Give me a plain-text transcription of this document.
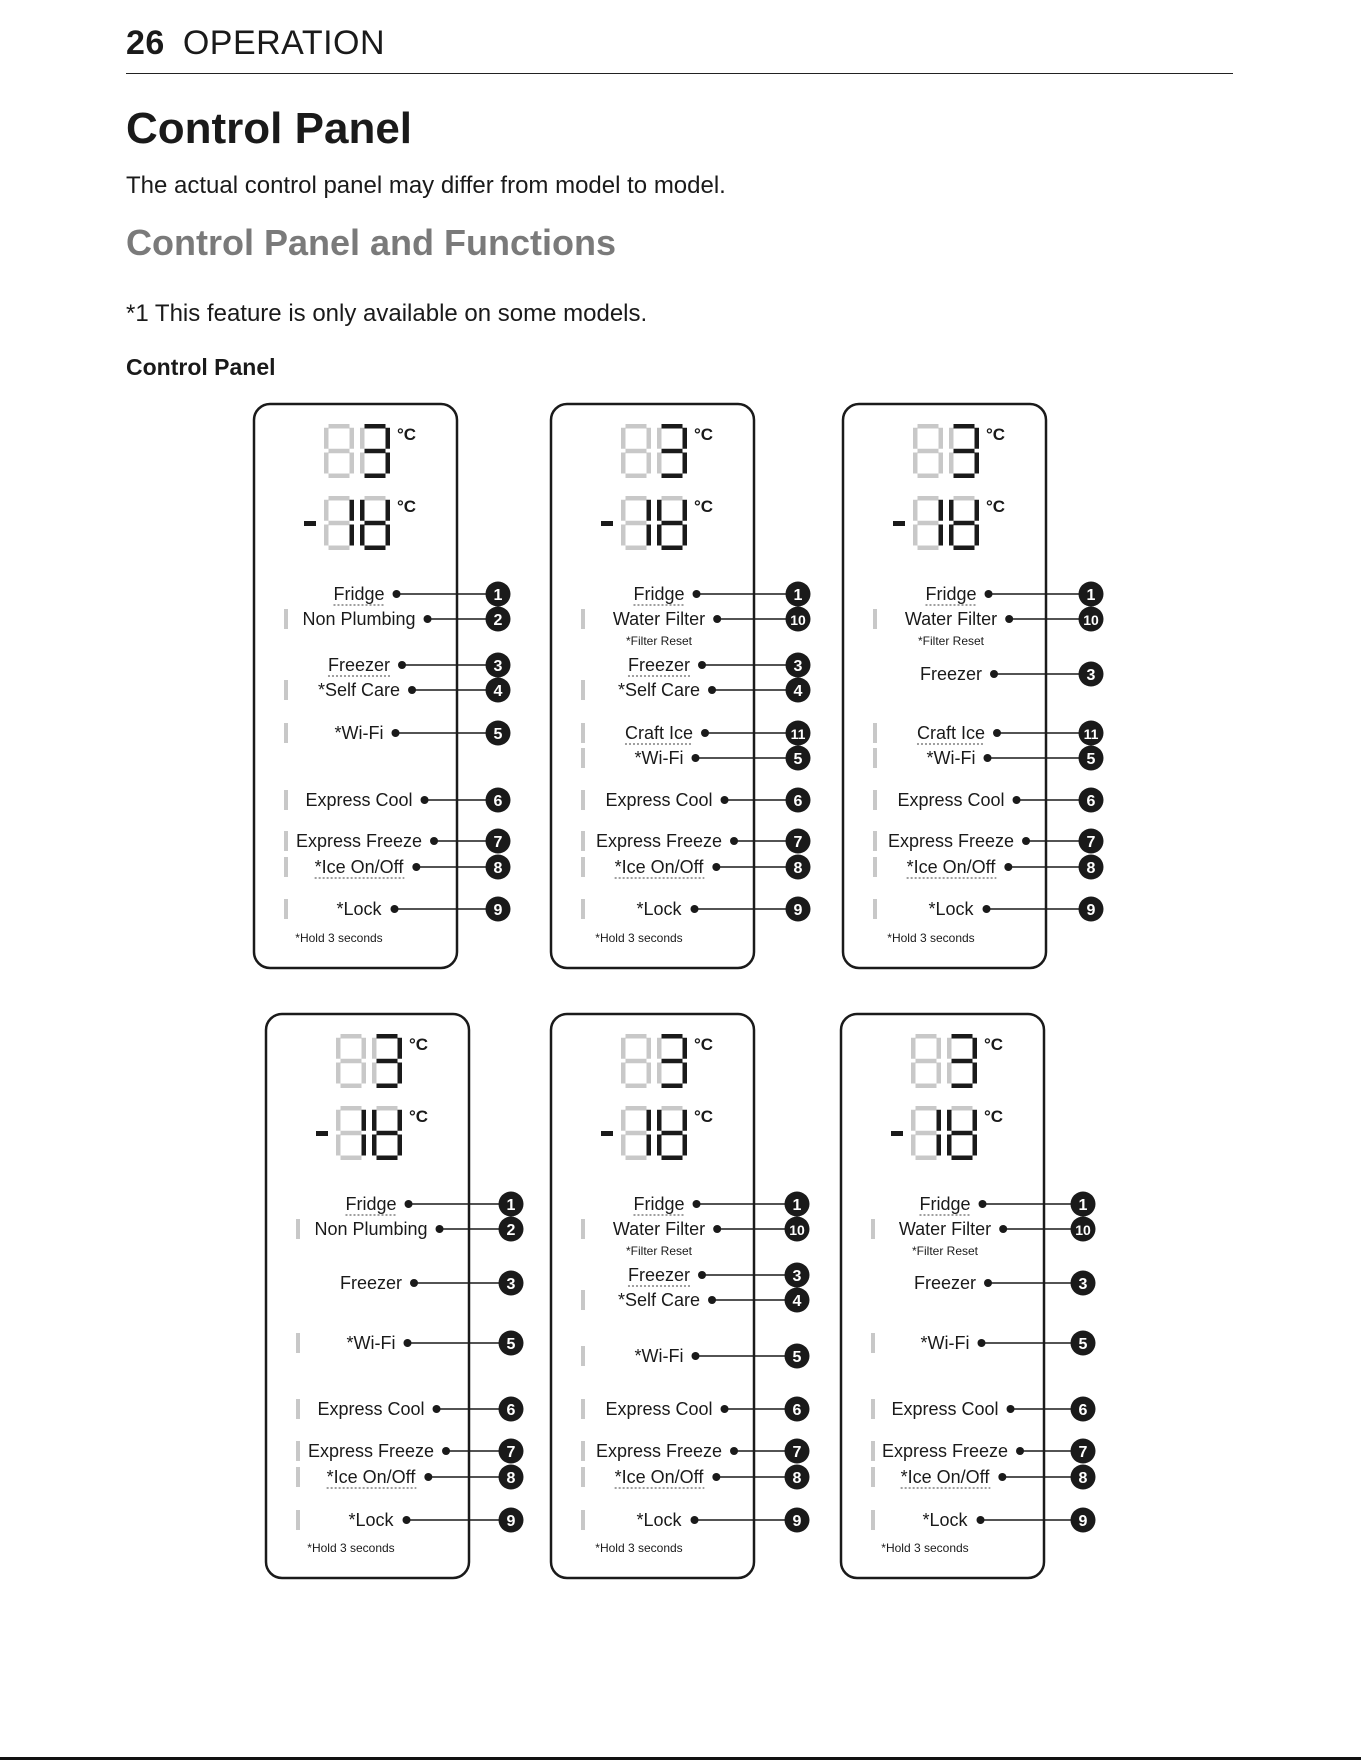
26 OPERATION
Control Panel

The actual control panel may differ from model to model.

Control Panel and Functions

*1 This feature is only available on some models.

Control Panel
°C
°C
Fridge	1
Non Plumbing	2
Freezer	3
*Self Care	4
*Wi-Fi	5
Express Cool	6
Express Freeze	7
*Ice On/Off	8
*Lock	9
*Hold 3 seconds
°C
°C
Fridge	1
Water Filter	10
*Filter Reset
Freezer	3
*Self Care	4
Craft Ice	11
*Wi-Fi	5
Express Cool	6
Express Freeze	7
*Ice On/Off	8
*Lock	9
*Hold 3 seconds
°C
°C
Fridge	1
Water Filter	10
*Filter Reset
Freezer	3
Craft Ice	11
*Wi-Fi	5
Express Cool	6
Express Freeze	7
*Ice On/Off	8
*Lock	9
*Hold 3 seconds
°C
°C
Fridge	1
Non Plumbing	2
Freezer	3
*Wi-Fi	5
Express Cool	6
Express Freeze	7
*Ice On/Off	8
*Lock	9
*Hold 3 seconds
°C
°C
Fridge	1
Water Filter	10
*Filter Reset
Freezer	3
*Self Care	4
*Wi-Fi	5
Express Cool	6
Express Freeze	7
*Ice On/Off	8
*Lock	9
*Hold 3 seconds
°C
°C
Fridge	1
Water Filter	10
*Filter Reset
Freezer	3
*Wi-Fi	5
Express Cool	6
Express Freeze	7
*Ice On/Off	8
*Lock	9
*Hold 3 seconds
